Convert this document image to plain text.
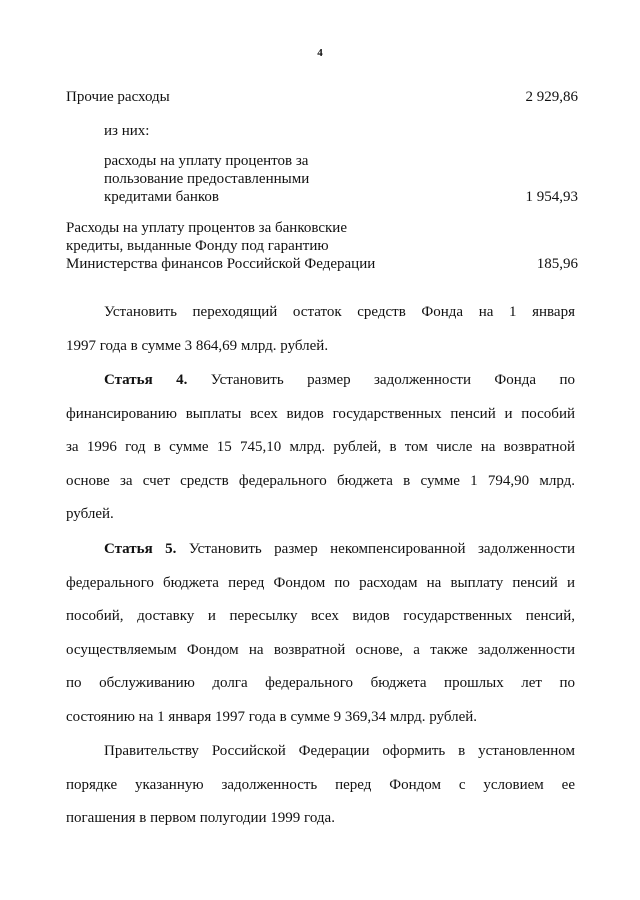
4
Прочие расходы	2 929,86
из них:
расходы на уплату процентов за
пользование предоставленными
кредитами банков	1 954,93
Расходы на уплату процентов за банковские
кредиты, выданные Фонду под гарантию
Министерства финансов Российской Федерации	185,96
Установить переходящий остаток средств Фонда на 1 января
1997 года в сумме 3 864,69 млрд. рублей.
Статья 4. Установить размер задолженности Фонда по
финансированию выплаты всех видов государственных пенсий и пособий
за 1996 год в сумме 15 745,10 млрд. рублей, в том числе на возвратной
основе за счет средств федерального бюджета в сумме 1 794,90 млрд.
рублей.
Статья 5. Установить размер некомпенсированной задолженности
федерального бюджета перед Фондом по расходам на выплату пенсий и
пособий, доставку и пересылку всех видов государственных пенсий,
осуществляемым Фондом на возвратной основе, а также задолженности
по обслуживанию долга федерального бюджета прошлых лет по
состоянию на 1 января 1997 года в сумме 9 369,34 млрд. рублей.
Правительству Российской Федерации оформить в установленном
порядке указанную задолженность перед Фондом с условием ее
погашения в первом полугодии 1999 года.
